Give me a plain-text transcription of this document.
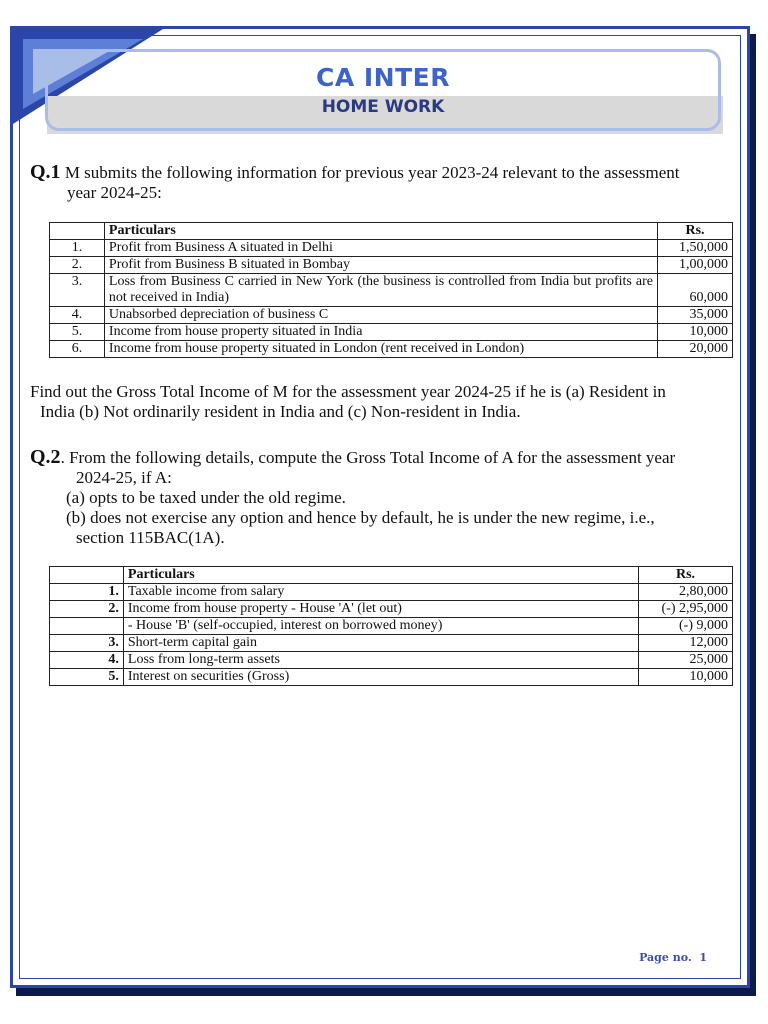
CA INTER
HOME WORK
Q.1 M submits the following information for previous year 2023-24 relevant to the assessment
year 2024-25:
	Particulars	Rs.
1.	Profit from Business A situated in Delhi	1,50,000
2.	Profit from Business B situated in Bombay	1,00,000
3.	Loss from Business C carried in New York (the business is controlled from India but profits are not received in India)	60,000
4.	Unabsorbed depreciation of business C	35,000
5.	Income from house property situated in India	10,000
6.	Income from house property situated in London (rent received in London)	20,000
Find out the Gross Total Income of M for the assessment year 2024-25 if he is (a) Resident in
India (b) Not ordinarily resident in India and (c) Non-resident in India.
Q.2. From the following details, compute the Gross Total Income of A for the assessment year
2024-25, if A:
(a) opts to be taxed under the old regime.
(b) does not exercise any option and hence by default, he is under the new regime, i.e.,
section 115BAC(1A).
	Particulars	Rs.
1.	Taxable income from salary	2,80,000
2.	Income from house property - House 'A' (let out)	(-) 2,95,000
	- House 'B' (self-occupied, interest on borrowed money)	(-) 9,000
3.	Short-term capital gain	12,000
4.	Loss from long-term assets	25,000
5.	Interest on securities (Gross)	10,000
Page no. 1
